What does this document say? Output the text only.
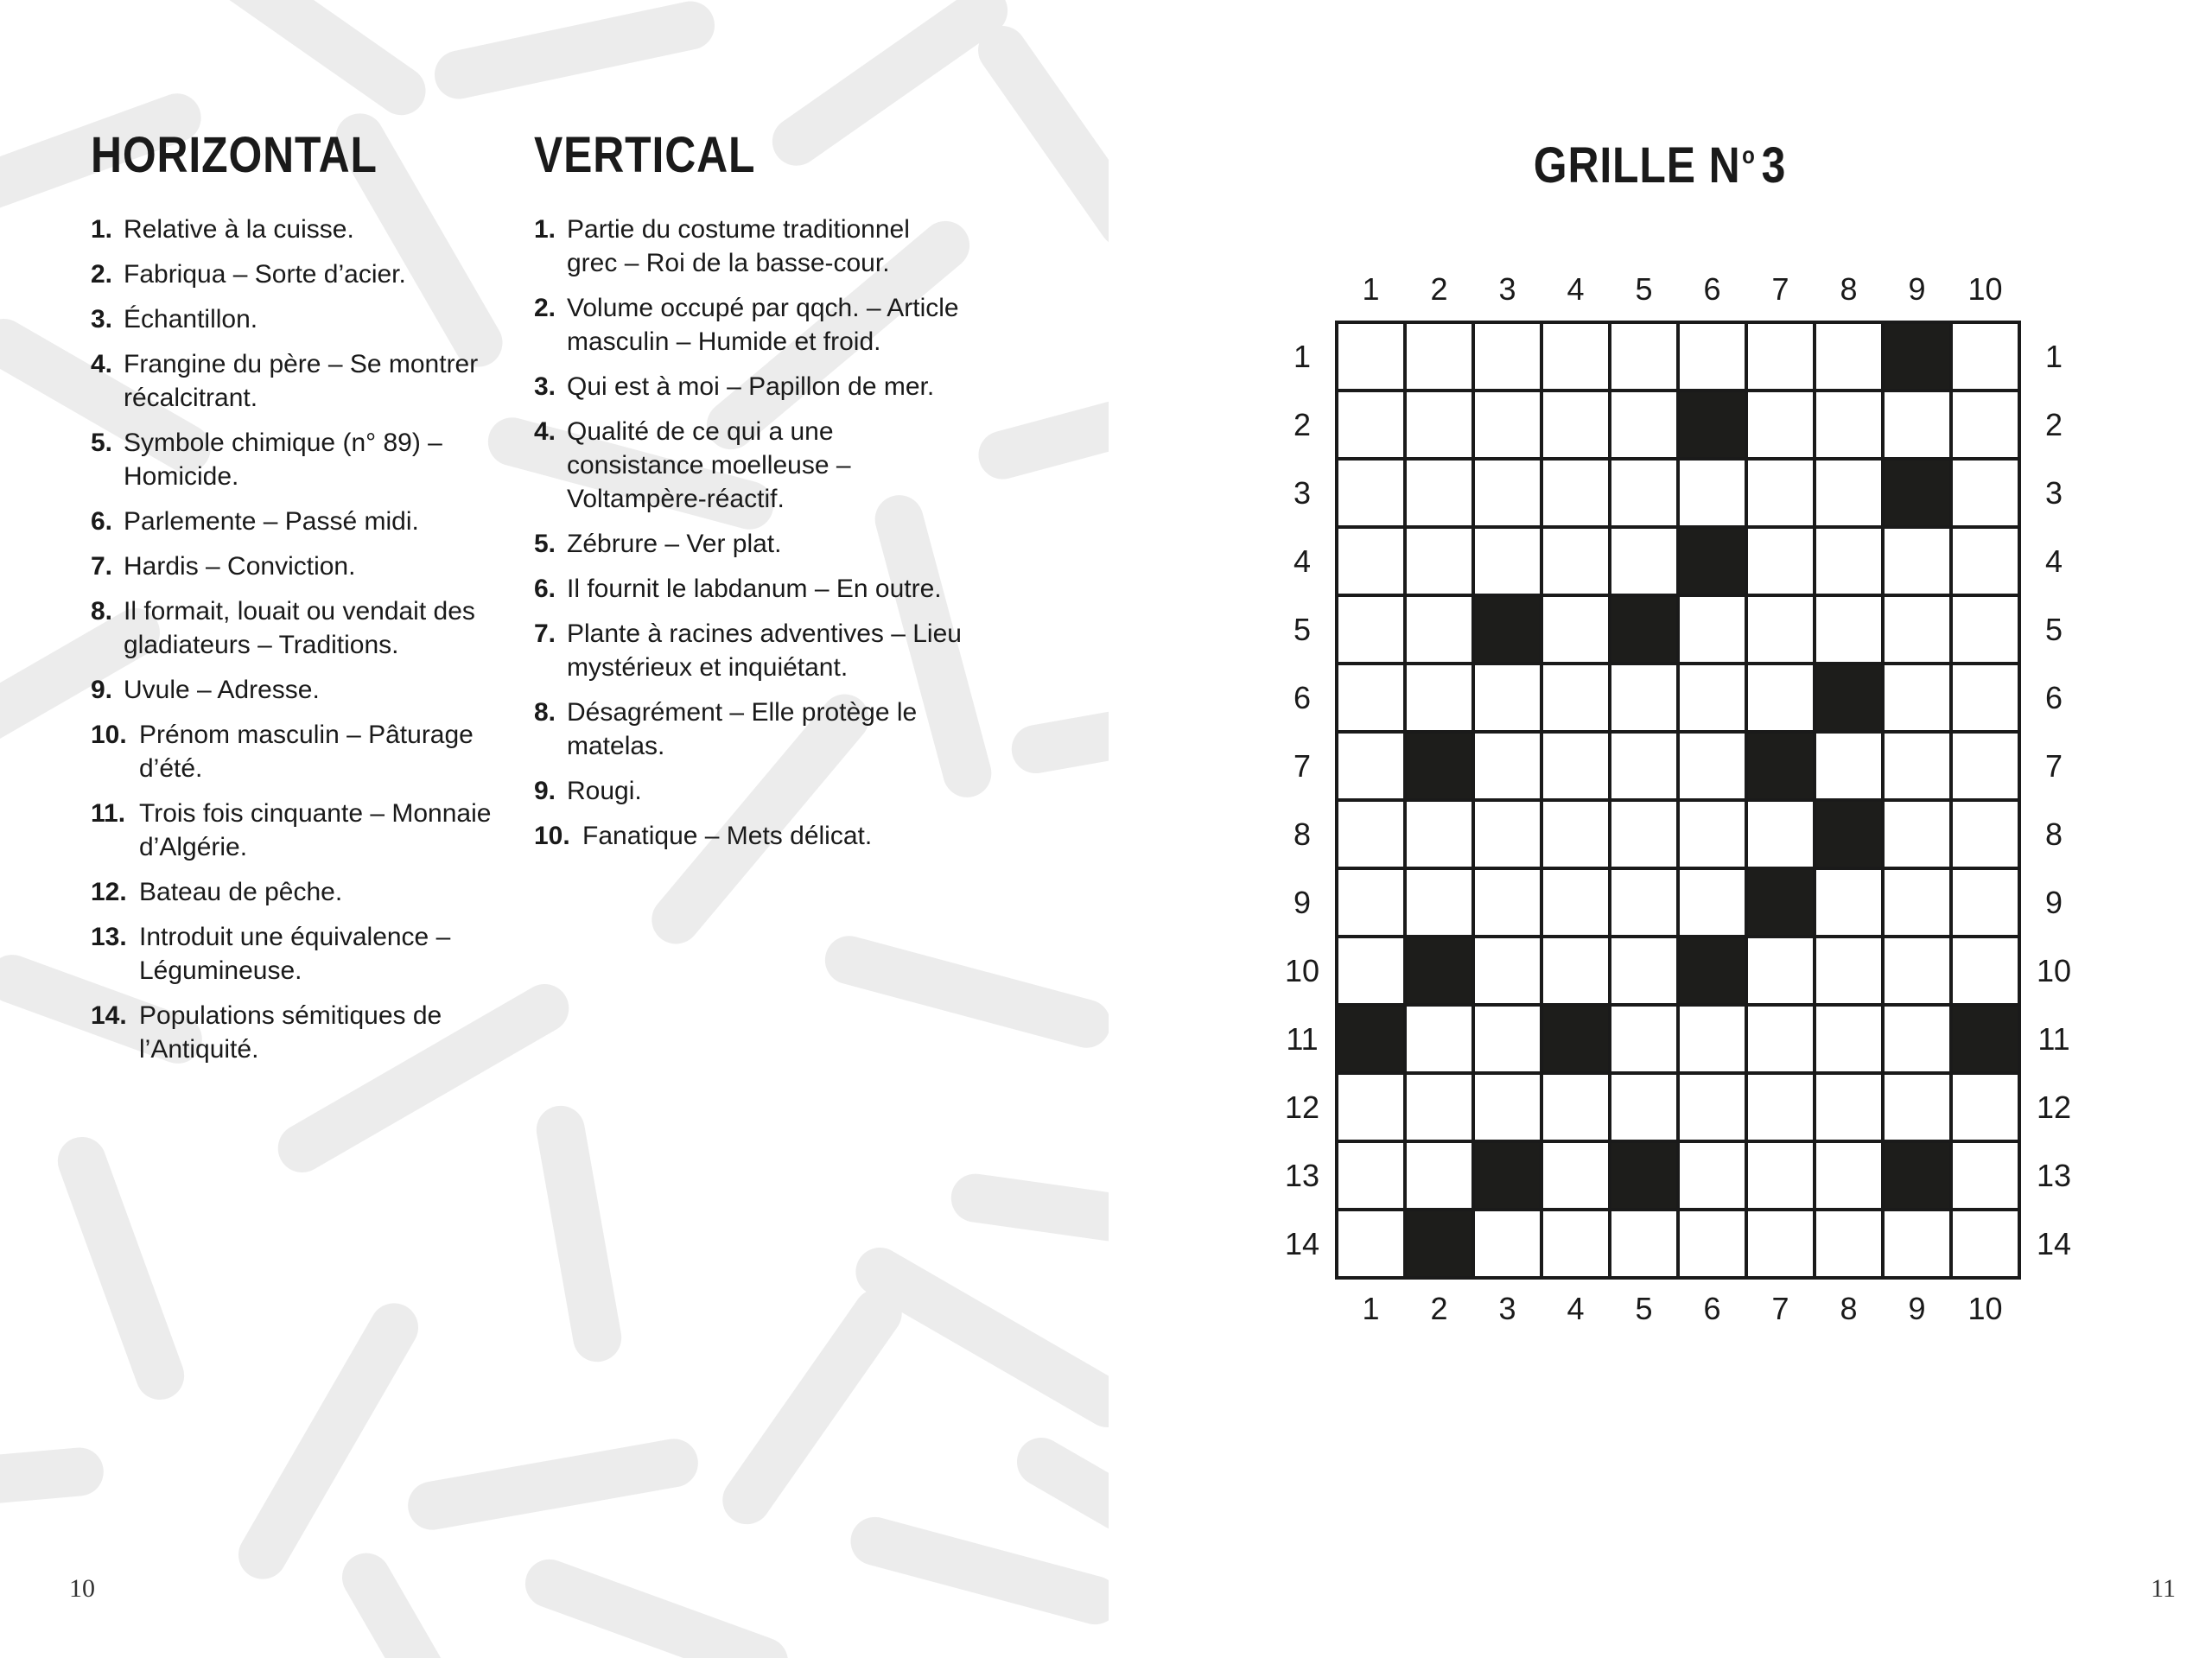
HORIZONTAL
1. Relative à la cuisse.
2. Fabriqua – Sorte d’acier.
3. Échantillon.
4. Frangine du père – Se montrer récalcitrant.
5. Symbole chimique (n° 89) – Homicide.
6. Parlemente – Passé midi.
7. Hardis – Conviction.
8. Il formait, louait ou vendait des gladiateurs – Traditions.
9. Uvule – Adresse.
10. Prénom masculin – Pâturage d’été.
11. Trois fois cinquante – Monnaie d’Algérie.
12. Bateau de pêche.
13. Introduit une équivalence – Légumineuse.
14. Populations sémitiques de l’Antiquité.
VERTICAL
1. Partie du costume traditionnel grec – Roi de la basse-cour.
2. Volume occupé par qqch. – Article masculin – Humide et froid.
3. Qui est à moi – Papillon de mer.
4. Qualité de ce qui a une consistance moelleuse – Voltampère-réactif.
5. Zébrure – Ver plat.
6. Il fournit le labdanum – En outre.
7. Plante à racines adventives – Lieu mystérieux et inquiétant.
8. Désagrément – Elle protège le matelas.
9. Rougi.
10. Fanatique – Mets délicat.
10
GRILLE $N^o$ 3
1	2	3	4	5	6	7	8	9	10
1
2
3
4
5
6
7
8
9
10
11
12
13
14
1
2
3
4
5
6
7
8
9
10
11
12
13
14
1	2	3	4	5	6	7	8	9	10
11
